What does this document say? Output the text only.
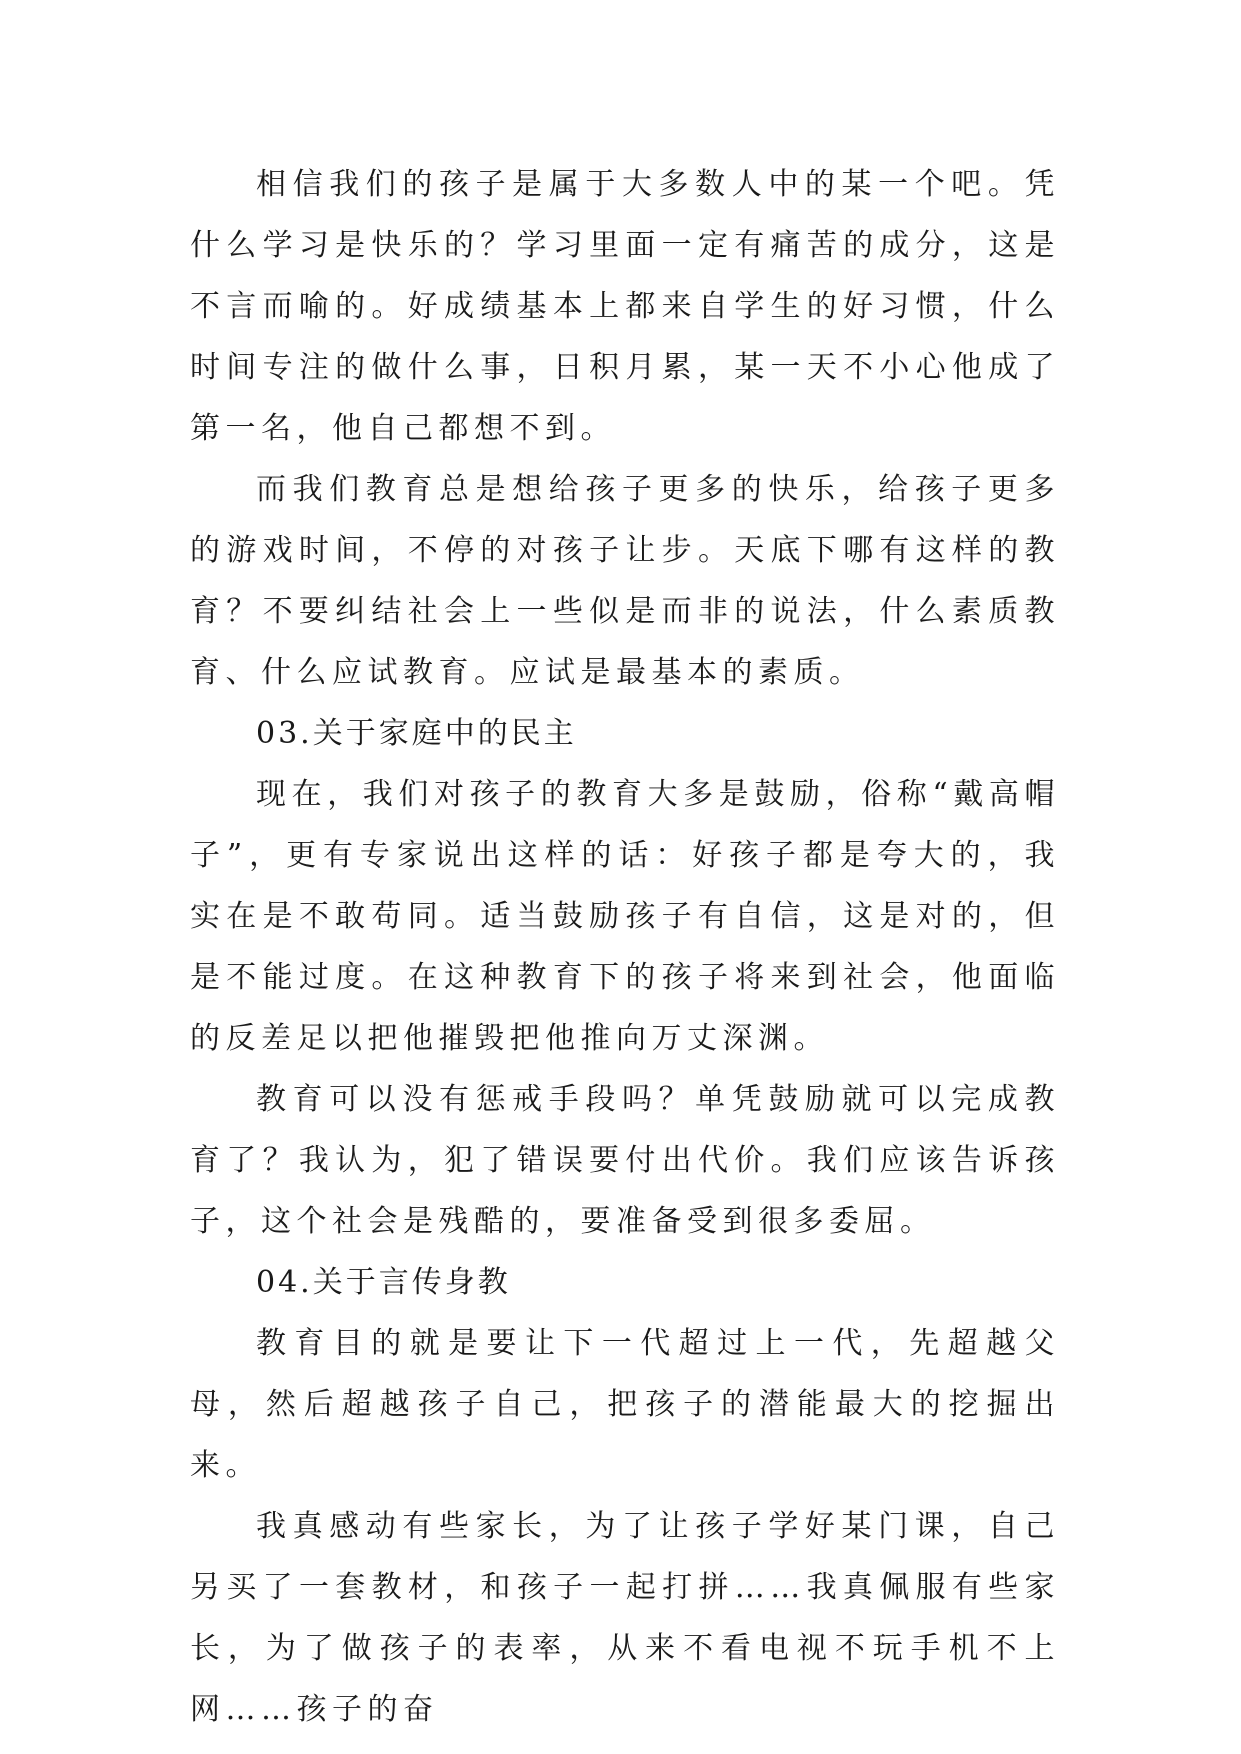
相信我们的孩子是属于大多数人中的某一个吧。凭什么学习是快乐的？学习里面一定有痛苦的成分，这是不言而喻的。好成绩基本上都来自学生的好习惯，什么时间专注的做什么事，日积月累，某一天不小心他成了第一名，他自己都想不到。

而我们教育总是想给孩子更多的快乐，给孩子更多的游戏时间，不停的对孩子让步。天底下哪有这样的教育？不要纠结社会上一些似是而非的说法，什么素质教育、什么应试教育。应试是最基本的素质。

03.关于家庭中的民主

现在，我们对孩子的教育大多是鼓励，俗称“戴高帽子”，更有专家说出这样的话：好孩子都是夸大的，我实在是不敢苟同。适当鼓励孩子有自信，这是对的，但是不能过度。在这种教育下的孩子将来到社会，他面临的反差足以把他摧毁把他推向万丈深渊。

教育可以没有惩戒手段吗？单凭鼓励就可以完成教育了？我认为，犯了错误要付出代价。我们应该告诉孩子，这个社会是残酷的，要准备受到很多委屈。

04.关于言传身教

教育目的就是要让下一代超过上一代，先超越父母，然后超越孩子自己，把孩子的潜能最大的挖掘出来。

我真感动有些家长，为了让孩子学好某门课，自己另买了一套教材，和孩子一起打拼……我真佩服有些家长，为了做孩子的表率，从来不看电视不玩手机不上网……孩子的奋
